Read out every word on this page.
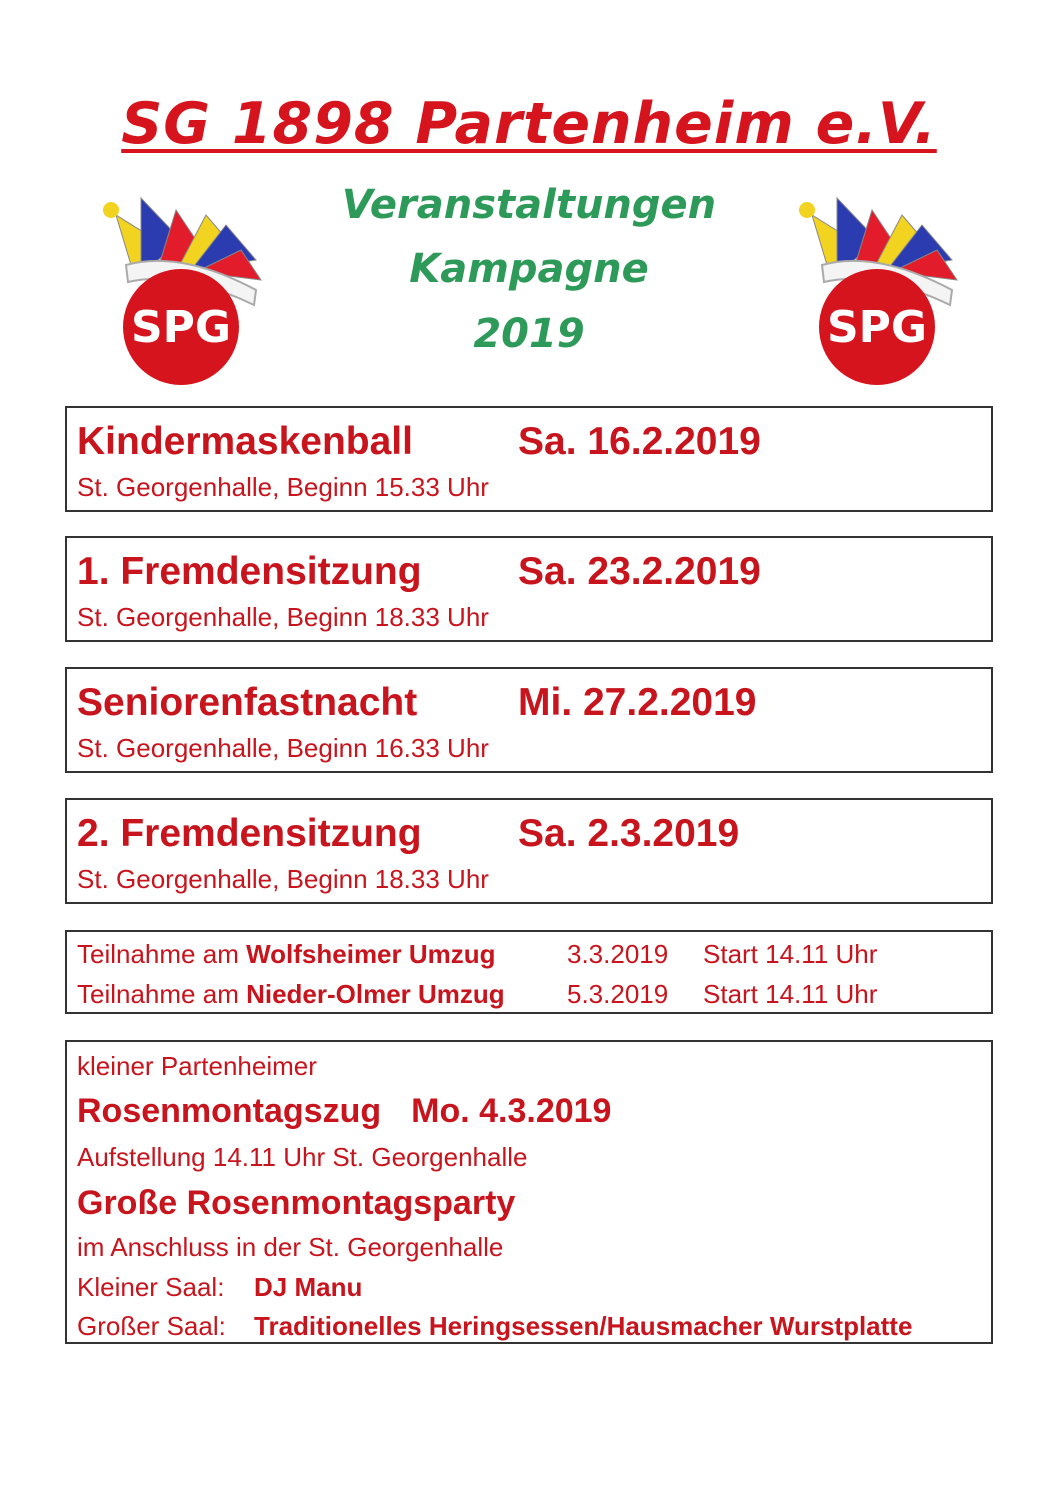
SG 1898 Partenheim e.V.
Veranstaltungen
Kampagne
2019
SPG	SPG
Kindermaskenball	Sa. 16.2.2019
St. Georgenhalle, Beginn 15.33 Uhr
1. Fremdensitzung	Sa. 23.2.2019
St. Georgenhalle, Beginn 18.33 Uhr
Seniorenfastnacht	Mi. 27.2.2019
St. Georgenhalle, Beginn 16.33 Uhr
2. Fremdensitzung	Sa. 2.3.2019
St. Georgenhalle, Beginn 18.33 Uhr
Teilnahme am Wolfsheimer Umzug	3.3.2019	Start 14.11 Uhr
Teilnahme am Nieder-Olmer Umzug	5.3.2019	Start 14.11 Uhr
kleiner Partenheimer
Rosenmontagszug Mo. 4.3.2019
Aufstellung 14.11 Uhr St. Georgenhalle
Große Rosenmontagsparty
im Anschluss in der St. Georgenhalle
Kleiner Saal: DJ Manu
Großer Saal: Traditionelles Heringsessen/Hausmacher Wurstplatte
